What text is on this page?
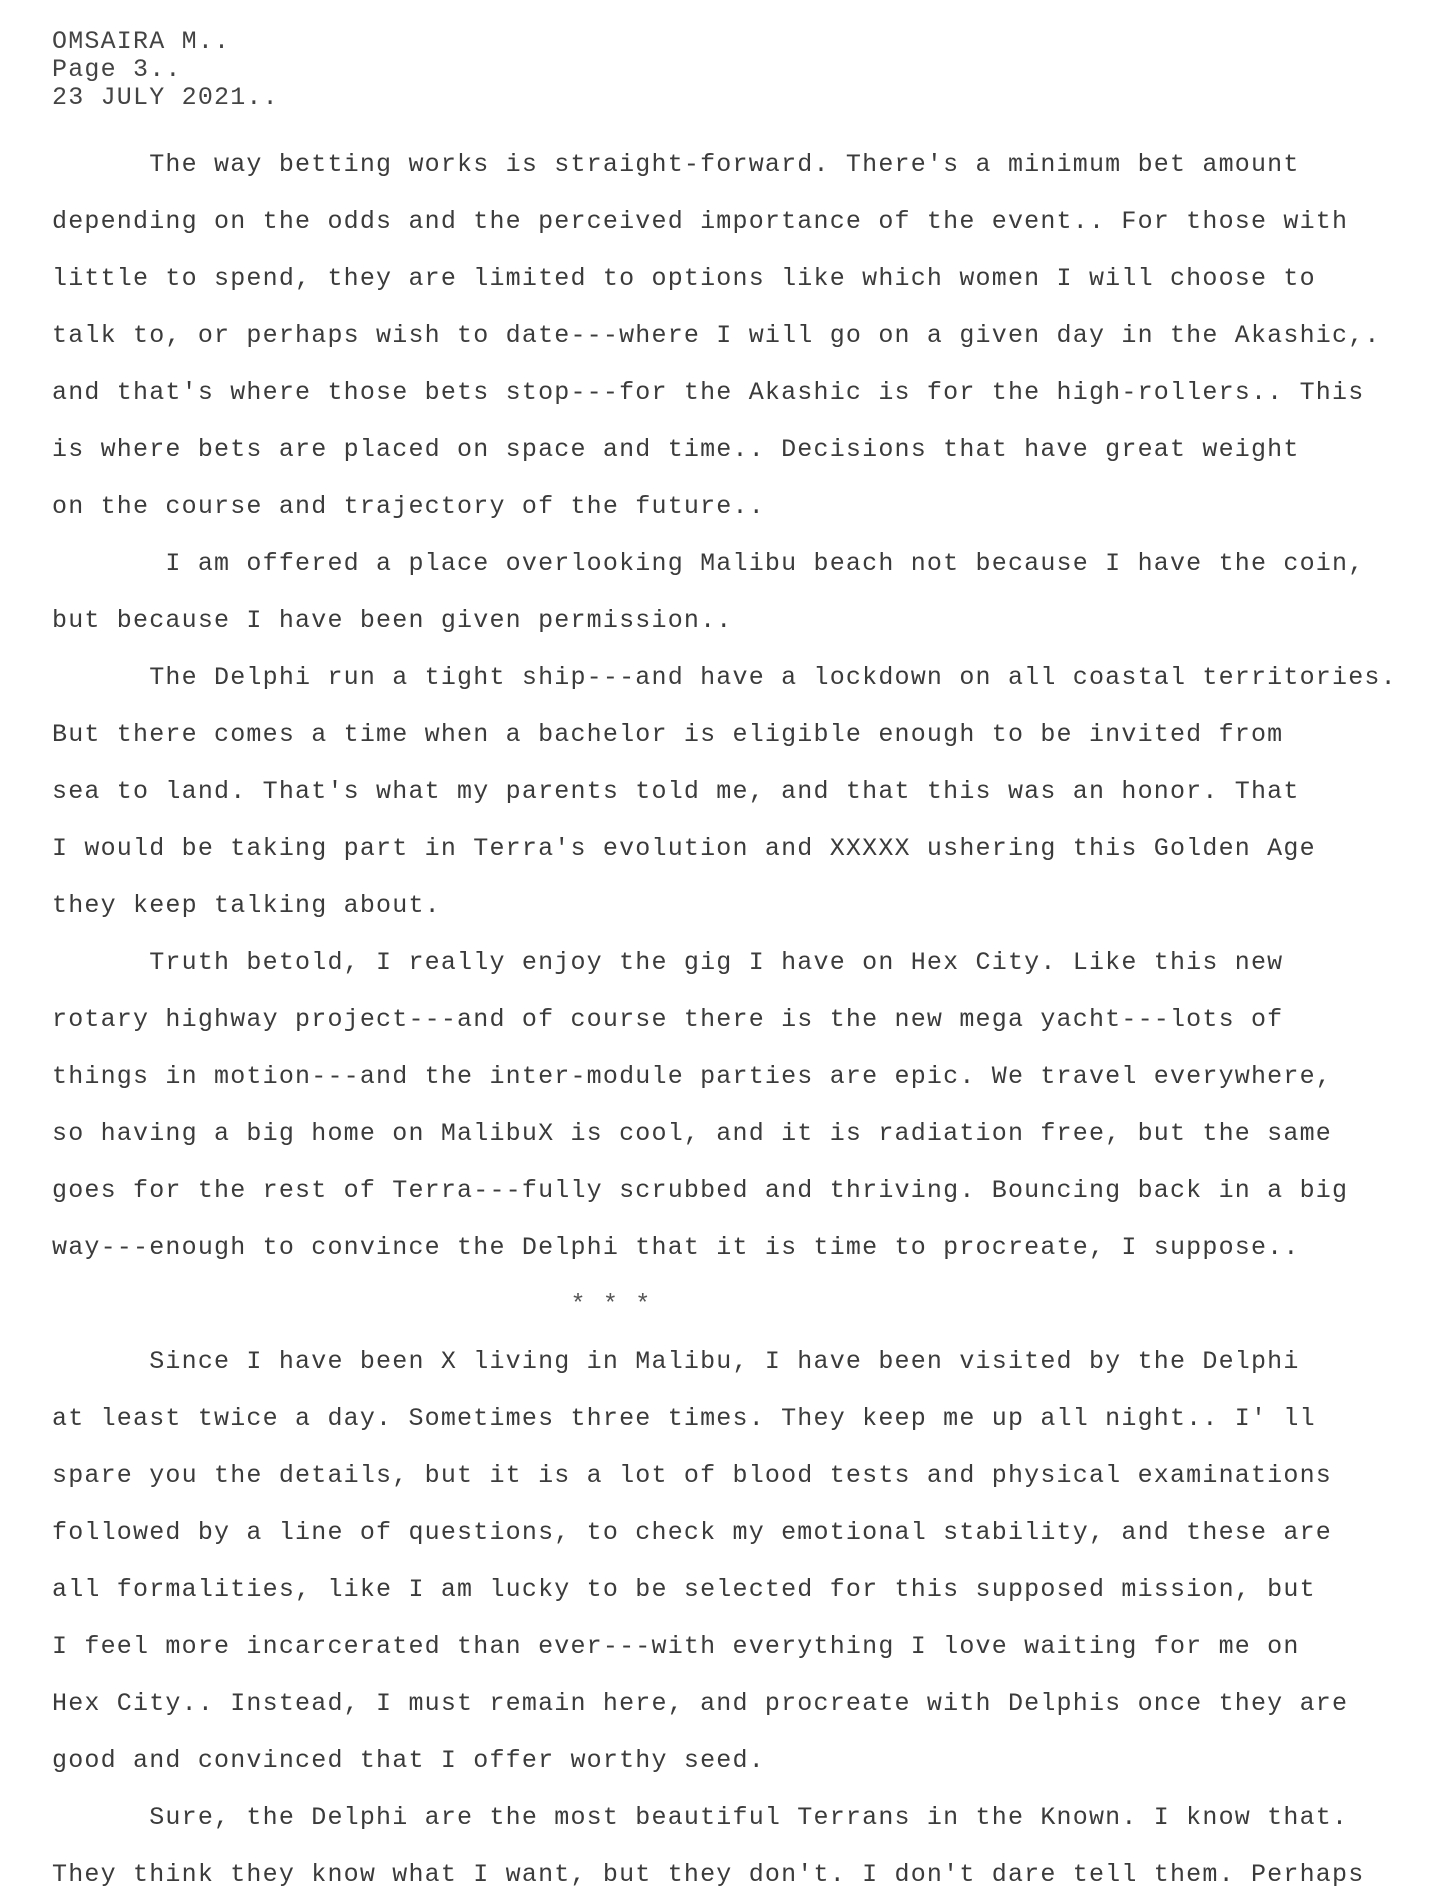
OMSAIRA M..
Page 3..
23 JULY 2021..
The way betting works is straight-forward. There's a minimum bet amount
depending on the odds and the perceived importance of the event.. For those with
little to spend, they are limited to options like which women I will choose to
talk to, or perhaps wish to date---where I will go on a given day in the Akashic,.
and that's where those bets stop---for the Akashic is for the high-rollers.. This
is where bets are placed on space and time.. Decisions that have great weight
on the course and trajectory of the future..
I am offered a place overlooking Malibu beach not because I have the coin,
but because I have been given permission..
The Delphi run a tight ship---and have a lockdown on all coastal territories.
But there comes a time when a bachelor is eligible enough to be invited from
sea to land. That's what my parents told me, and that this was an honor. That
I would be taking part in Terra's evolution and XXXXX ushering this Golden Age
they keep talking about.
Truth betold, I really enjoy the gig I have on Hex City. Like this new
rotary highway project---and of course there is the new mega yacht---lots of
things in motion---and the inter-module parties are epic. We travel everywhere,
so having a big home on MalibuX is cool, and it is radiation free, but the same
goes for the rest of Terra---fully scrubbed and thriving. Bouncing back in a big
way---enough to convince the Delphi that it is time to procreate, I suppose..
* * *
Since I have been X living in Malibu, I have been visited by the Delphi
at least twice a day. Sometimes three times. They keep me up all night.. I' ll
spare you the details, but it is a lot of blood tests and physical examinations
followed by a line of questions, to check my emotional stability, and these are
all formalities, like I am lucky to be selected for this supposed mission, but
I feel more incarcerated than ever---with everything I love waiting for me on
Hex City.. Instead, I must remain here, and procreate with Delphis once they are
good and convinced that I offer worthy seed.
Sure, the Delphi are the most beautiful Terrans in the Known. I know that.
They think they know what I want, but they don't. I don't dare tell them. Perhaps
